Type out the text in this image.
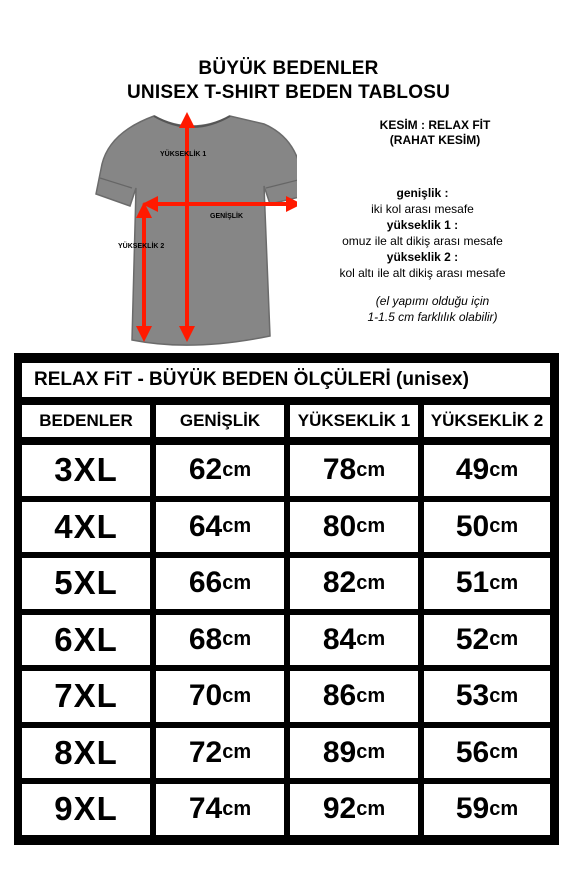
BÜYÜK BEDENLER
UNISEX T-SHIRT BEDEN TABLOSU
YÜKSEKLİK 1
GENİŞLİK
YÜKSEKLİK 2
KESİM : RELAX FİT
(RAHAT KESİM)
genişlik :
iki kol arası mesafe
yükseklik 1 :
omuz ile alt dikiş arası mesafe
yükseklik 2 :
kol altı ile alt dikiş arası mesafe
(el yapımı olduğu için
1-1.5 cm farklılık olabilir)
RELAX FiT - BÜYÜK BEDEN ÖLÇÜLERİ (unisex)
BEDENLER	GENİŞLİK	YÜKSEKLİK 1	YÜKSEKLİK 2
3XL 62 cm 78 cm 49 cm
4XL 64 cm 80 cm 50 cm
5XL 66 cm 82 cm 51 cm
6XL 68 cm 84 cm 52 cm
7XL 70 cm 86 cm 53 cm
8XL 72 cm 89 cm 56 cm
9XL 74 cm 92 cm 59 cm
